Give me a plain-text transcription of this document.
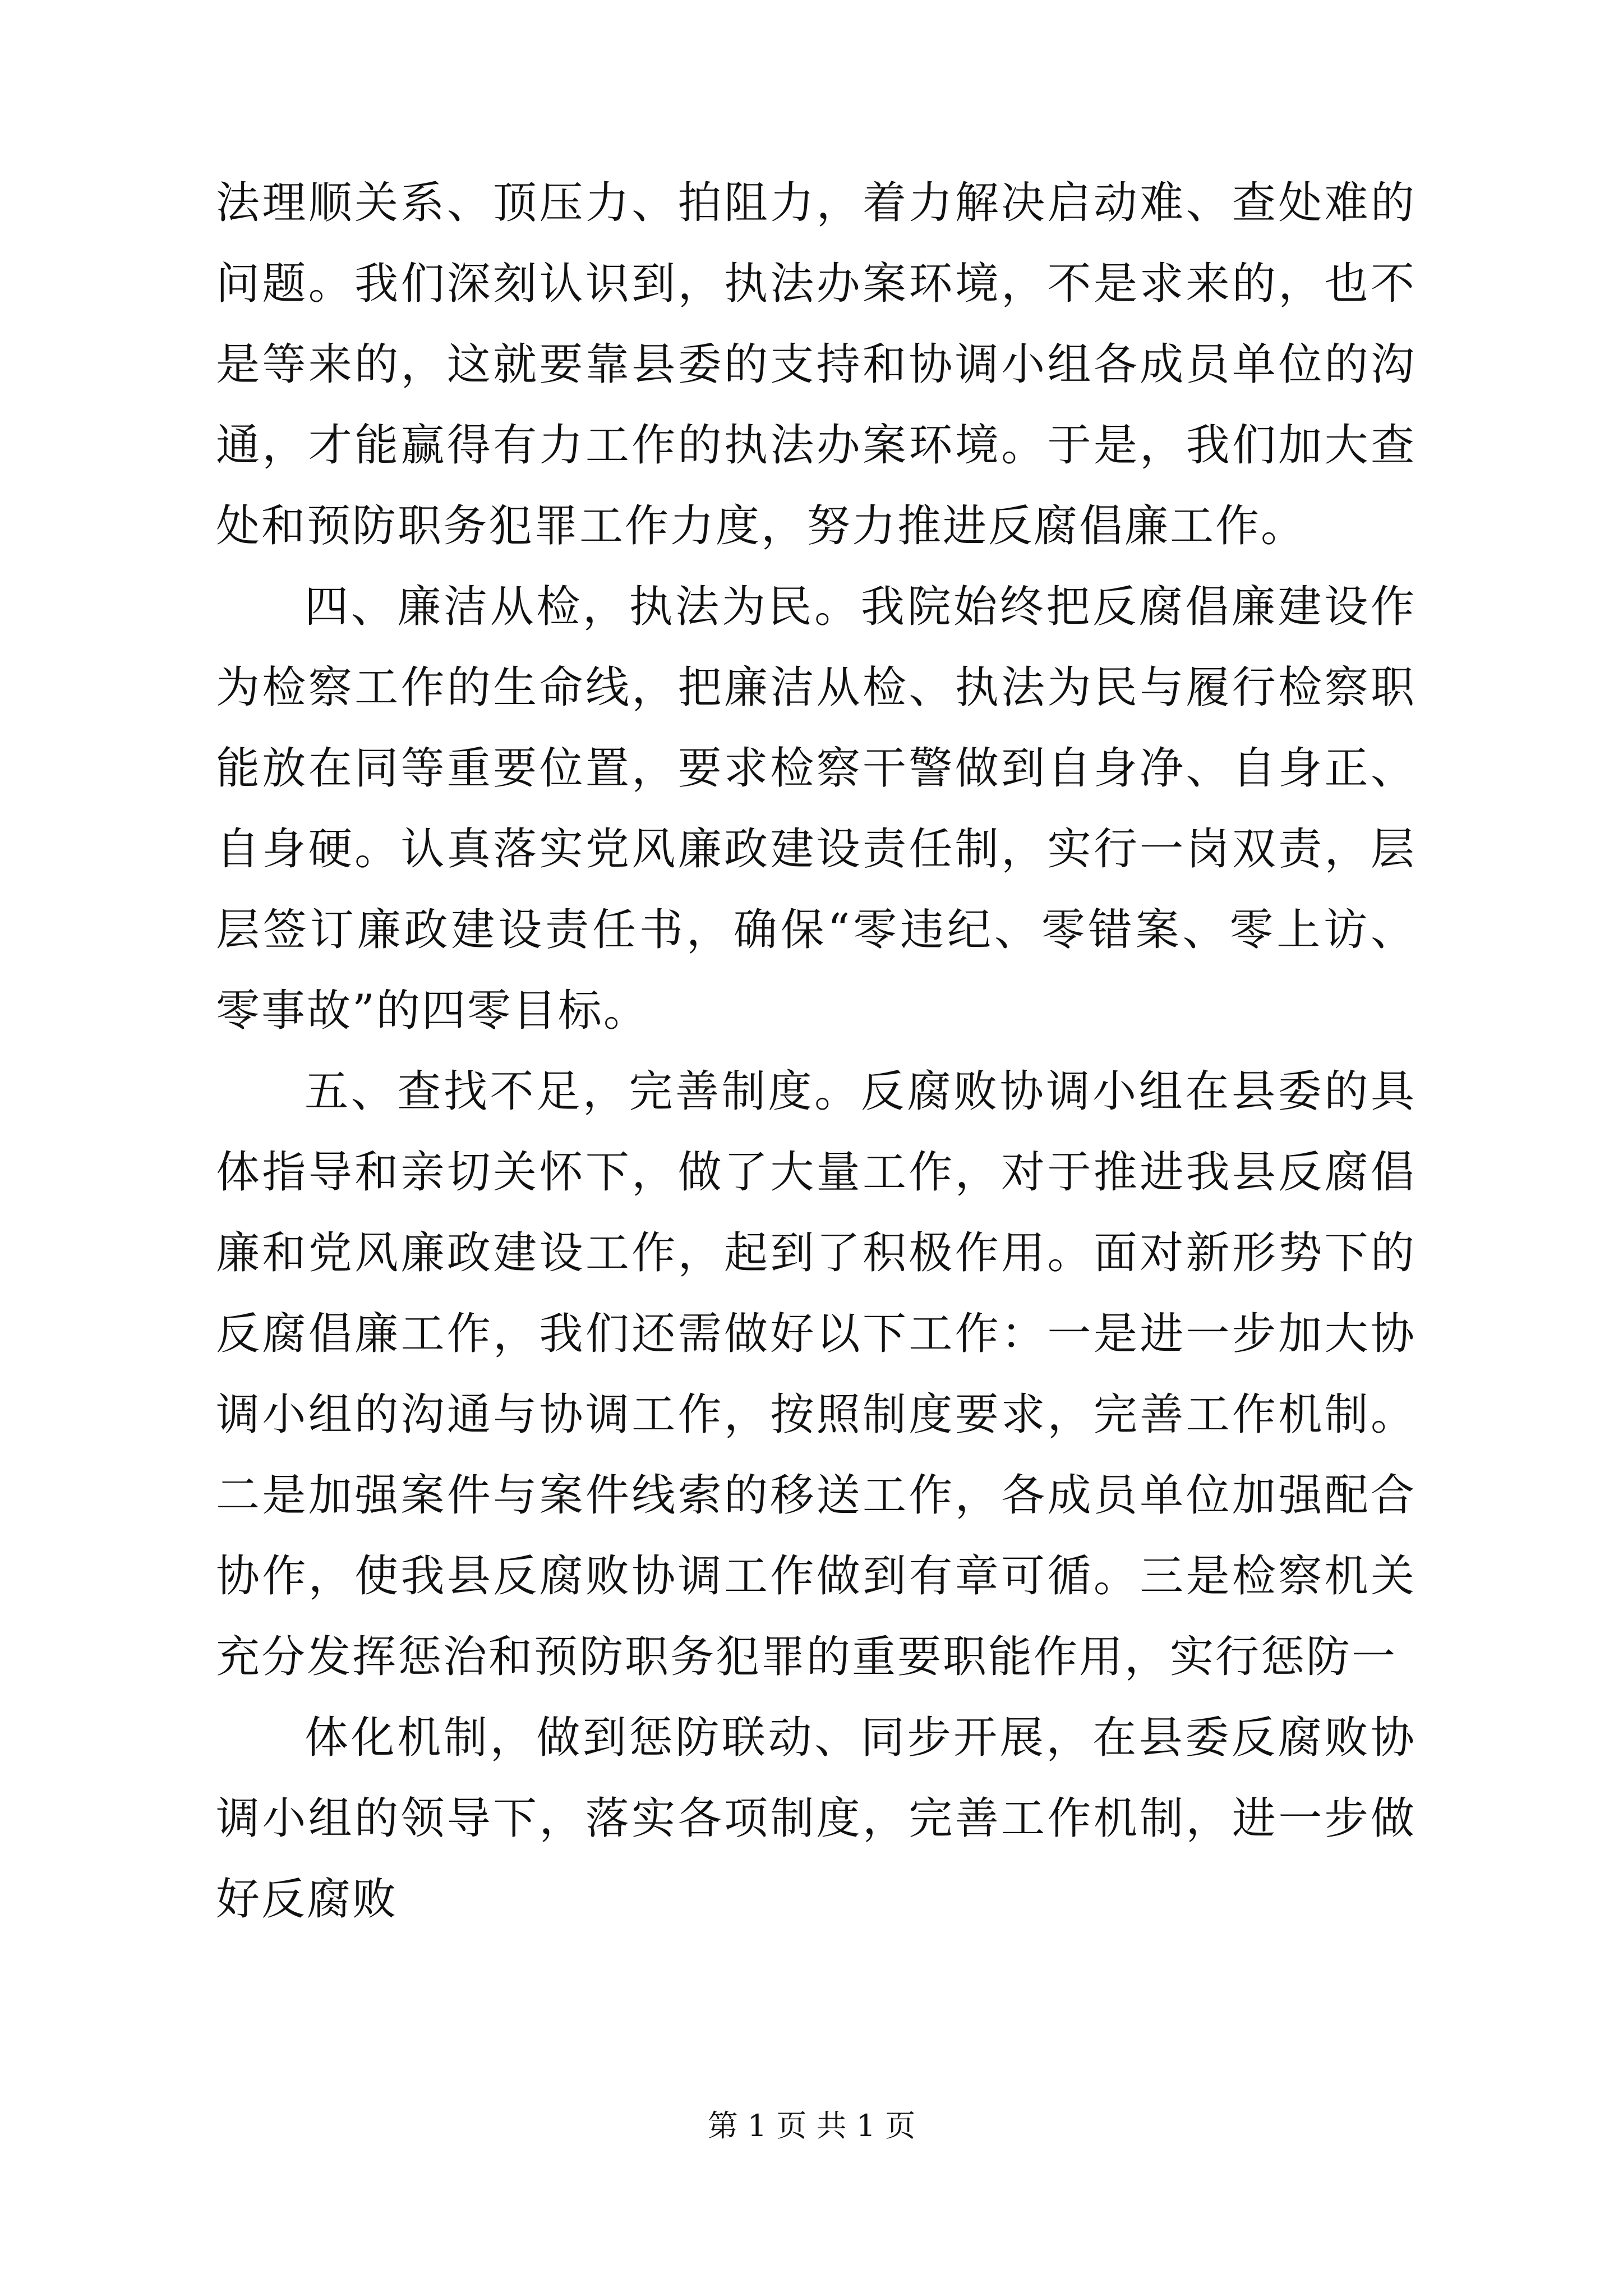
法理顺关系、顶压力、拍阻力，着力解决启动难、查处难的问题。我们深刻认识到，执法办案环境，不是求来的，也不是等来的，这就要靠县委的支持和协调小组各成员单位的沟通，才能赢得有力工作的执法办案环境。于是，我们加大查处和预防职务犯罪工作力度，努力推进反腐倡廉工作。

四、廉洁从检，执法为民。我院始终把反腐倡廉建设作为检察工作的生命线，把廉洁从检、执法为民与履行检察职能放在同等重要位置，要求检察干警做到自身净、自身正、自身硬。认真落实党风廉政建设责任制，实行一岗双责，层层签订廉政建设责任书，确保“零违纪、零错案、零上访、零事故”的四零目标。

五、查找不足，完善制度。反腐败协调小组在县委的具体指导和亲切关怀下，做了大量工作，对于推进我县反腐倡廉和党风廉政建设工作，起到了积极作用。面对新形势下的反腐倡廉工作，我们还需做好以下工作：一是进一步加大协调小组的沟通与协调工作，按照制度要求，完善工作机制。二是加强案件与案件线索的移送工作，各成员单位加强配合协作，使我县反腐败协调工作做到有章可循。三是检察机关充分发挥惩治和预防职务犯罪的重要职能作用，实行惩防一

体化机制，做到惩防联动、同步开展，在县委反腐败协调小组的领导下，落实各项制度，完善工作机制，进一步做好反腐败

第 1 页 共 1 页
